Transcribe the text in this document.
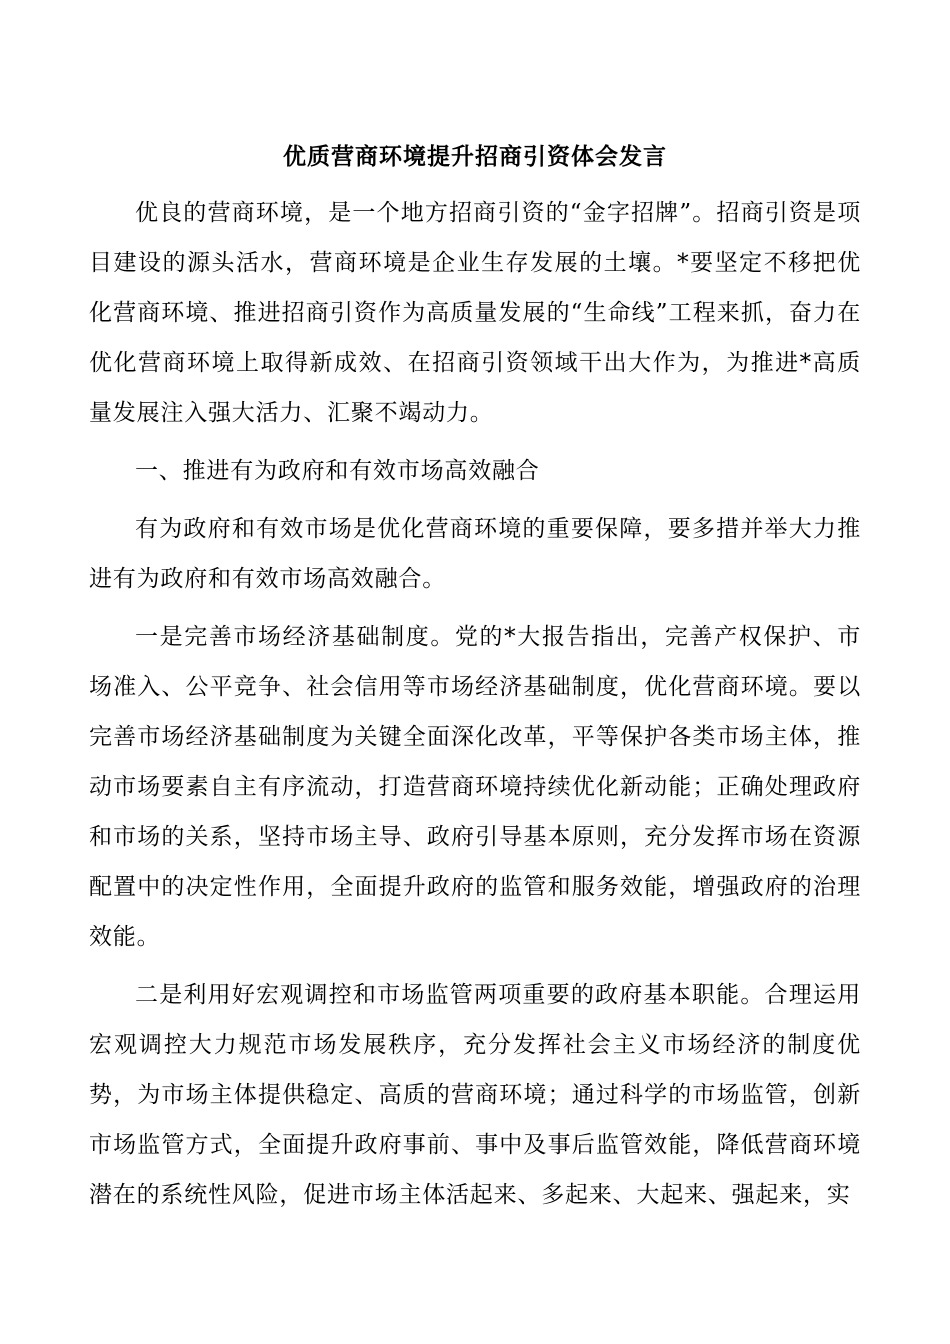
优质营商环境提升招商引资体会发言

优良的营商环境，是一个地方招商引资的“金字招牌”。招商引资是项目建设的源头活水，营商环境是企业生存发展的土壤。*要坚定不移把优化营商环境、推进招商引资作为高质量发展的“生命线”工程来抓，奋力在优化营商环境上取得新成效、在招商引资领域干出大作为，为推进*高质量发展注入强大活力、汇聚不竭动力。

一、推进有为政府和有效市场高效融合

有为政府和有效市场是优化营商环境的重要保障，要多措并举大力推进有为政府和有效市场高效融合。

一是完善市场经济基础制度。党的*大报告指出，完善产权保护、市场准入、公平竞争、社会信用等市场经济基础制度，优化营商环境。要以完善市场经济基础制度为关键全面深化改革，平等保护各类市场主体，推动市场要素自主有序流动，打造营商环境持续优化新动能；正确处理政府和市场的关系，坚持市场主导、政府引导基本原则，充分发挥市场在资源配置中的决定性作用，全面提升政府的监管和服务效能，增强政府的治理效能。

二是利用好宏观调控和市场监管两项重要的政府基本职能。合理运用宏观调控大力规范市场发展秩序，充分发挥社会主义市场经济的制度优势，为市场主体提供稳定、高质的营商环境；通过科学的市场监管，创新市场监管方式，全面提升政府事前、事中及事后监管效能，降低营商环境潜在的系统性风险，促进市场主体活起来、多起来、大起来、强起来，实
